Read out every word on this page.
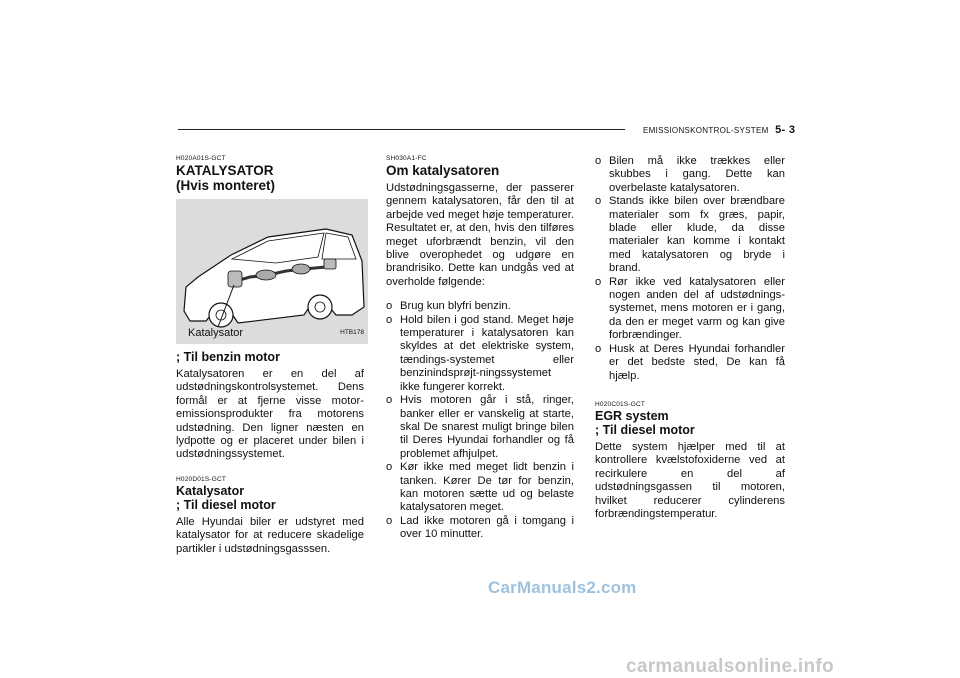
EMISSIONSKONTROL-SYSTEM 5- 3
H020A01S-GCT
KATALYSATOR
(Hvis monteret)
Katalysator	HTB178
; Til benzin motor

Katalysatoren er en del af udstødningskontrolsystemet. Dens formål er at fjerne visse motor-emissionsprodukter fra motorens udstødning. Den ligner næsten en lydpotte og er placeret under bilen i udstødningssystemet.

H020D01S-GCT
Katalysator
; Til diesel motor

Alle Hyundai biler er udstyret med katalysator for at reducere skadelige partikler i udstødningsgasssen.

SH030A1-FC
Om katalysatoren

Udstødningsgasserne, der passerer gennem katalysatoren, får den til at arbejde ved meget høje temperaturer. Resultatet er, at den, hvis den tilføres meget uforbrændt benzin, vil den blive overophedet og udgøre en brandrisiko. Dette kan undgås ved at overholde følgende:

o Brug kun blyfri benzin.
o Hold bilen i god stand. Meget høje temperaturer i katalysatoren kan skyldes at det elektriske system, tændings-systemet eller benzinindsprøjt-ningssystemet ikke fungerer korrekt.
o Hvis motoren går i stå, ringer, banker eller er vanskelig at starte, skal De snarest muligt bringe bilen til Deres Hyundai forhandler og få problemet afhjulpet.
o Kør ikke med meget lidt benzin i tanken. Kører De tør for benzin, kan motoren sætte ud og belaste katalysatoren meget.
o Lad ikke motoren gå i tomgang i over 10 minutter.
o Bilen må ikke trækkes eller skubbes i gang. Dette kan overbelaste katalysatoren.
o Stands ikke bilen over brændbare materialer som fx græs, papir, blade eller klude, da disse materialer kan komme i kontakt med katalysatoren og bryde i brand.
o Rør ikke ved katalysatoren eller nogen anden del af udstødnings-systemet, mens motoren er i gang, da den er meget varm og kan give forbrændinger.
o Husk at Deres Hyundai forhandler er det bedste sted, De kan få hjælp.
H020C01S-GCT
EGR system
; Til diesel motor

Dette system hjælper med til at kontrollere kvælstofoxiderne ved at recirkulere en del af udstødningsgassen til motoren, hvilket reducerer cylinderens forbrændingstemperatur.

CarManuals2.com
carmanualsonline.info
